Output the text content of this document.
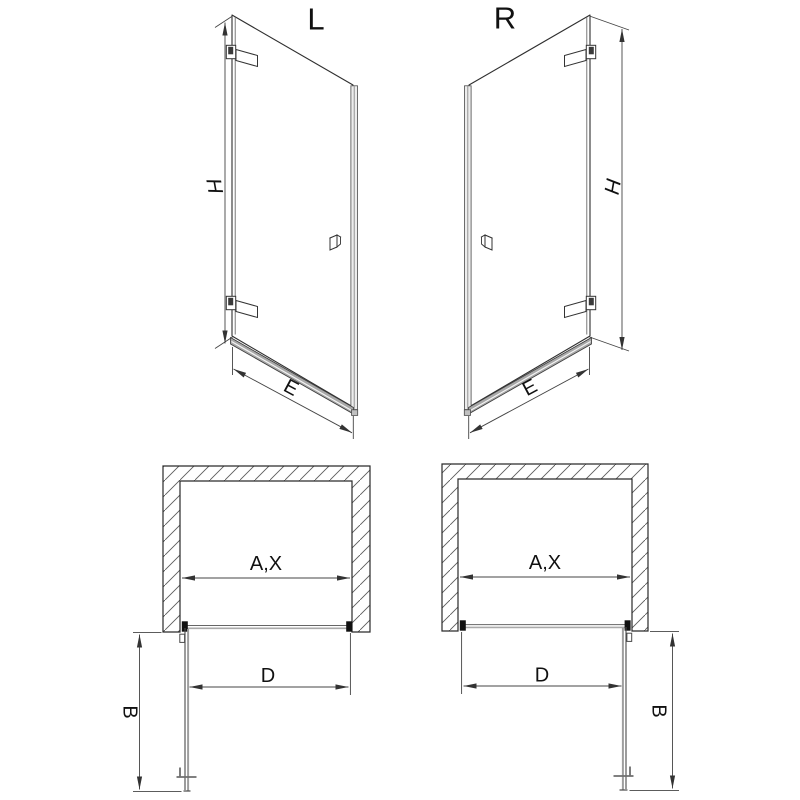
L
H
E
R
H
E
A,X
D
B
A,X
D
B
